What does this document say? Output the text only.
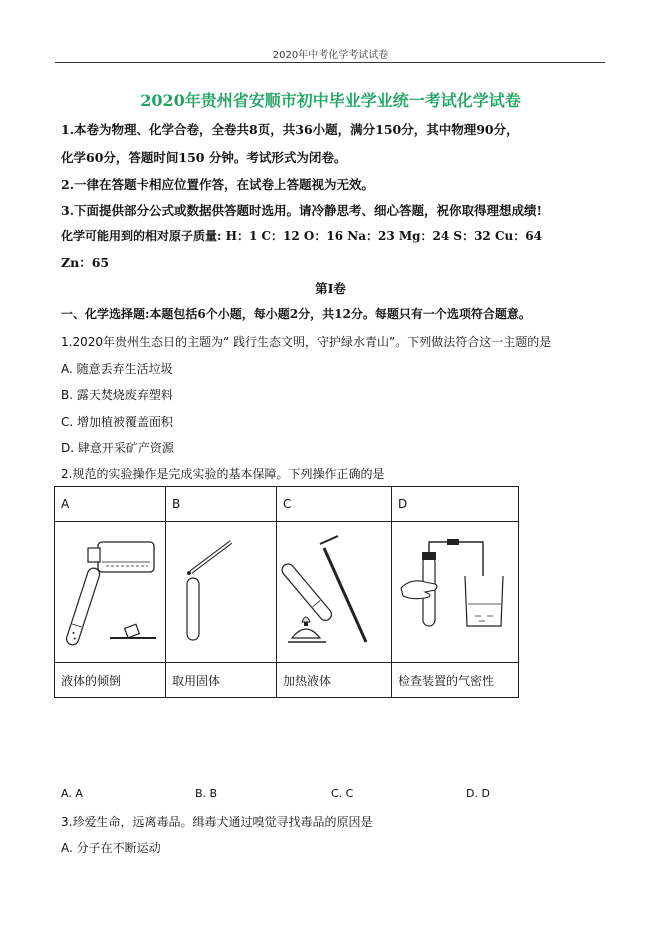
2020年中考化学考试试卷
2020年贵州省安顺市初中毕业学业统一考试化学试卷
1.本卷为物理、化学合卷，全卷共8页，共36小题，满分150分，其中物理90分，
化学60分，答题时间150 分钟。考试形式为闭卷。
2.一律在答题卡相应位置作答，在试卷上答题视为无效。
3.下面提供部分公式或数据供答题时选用。请冷静思考、细心答题，祝你取得理想成绩!
化学可能用到的相对原子质量: H：1 C：12 O：16 Na：23 Mg：24 S：32 Cu：64
Zn：65
第I卷
一、化学选择题:本题包括6个小题，每小题2分，共12分。每题只有一个选项符合题意。
1.2020年贵州生态日的主题为“ 践行生态文明，守护绿水青山”。下列做法符合这一主题的是
A. 随意丢弃生活垃圾
B. 露天焚烧废弃塑料
C. 增加植被覆盖面积
D. 肆意开采矿产资源
2.规范的实验操作是完成实验的基本保障。下列操作正确的是
A	B	C	D

液体的倾倒	取用固体	加热液体	检查装置的气密性
A. A	B. B	C. C	D. D
3.珍爱生命，远离毒品。缉毒犬通过嗅觉寻找毒品的原因是
A. 分子在不断运动
